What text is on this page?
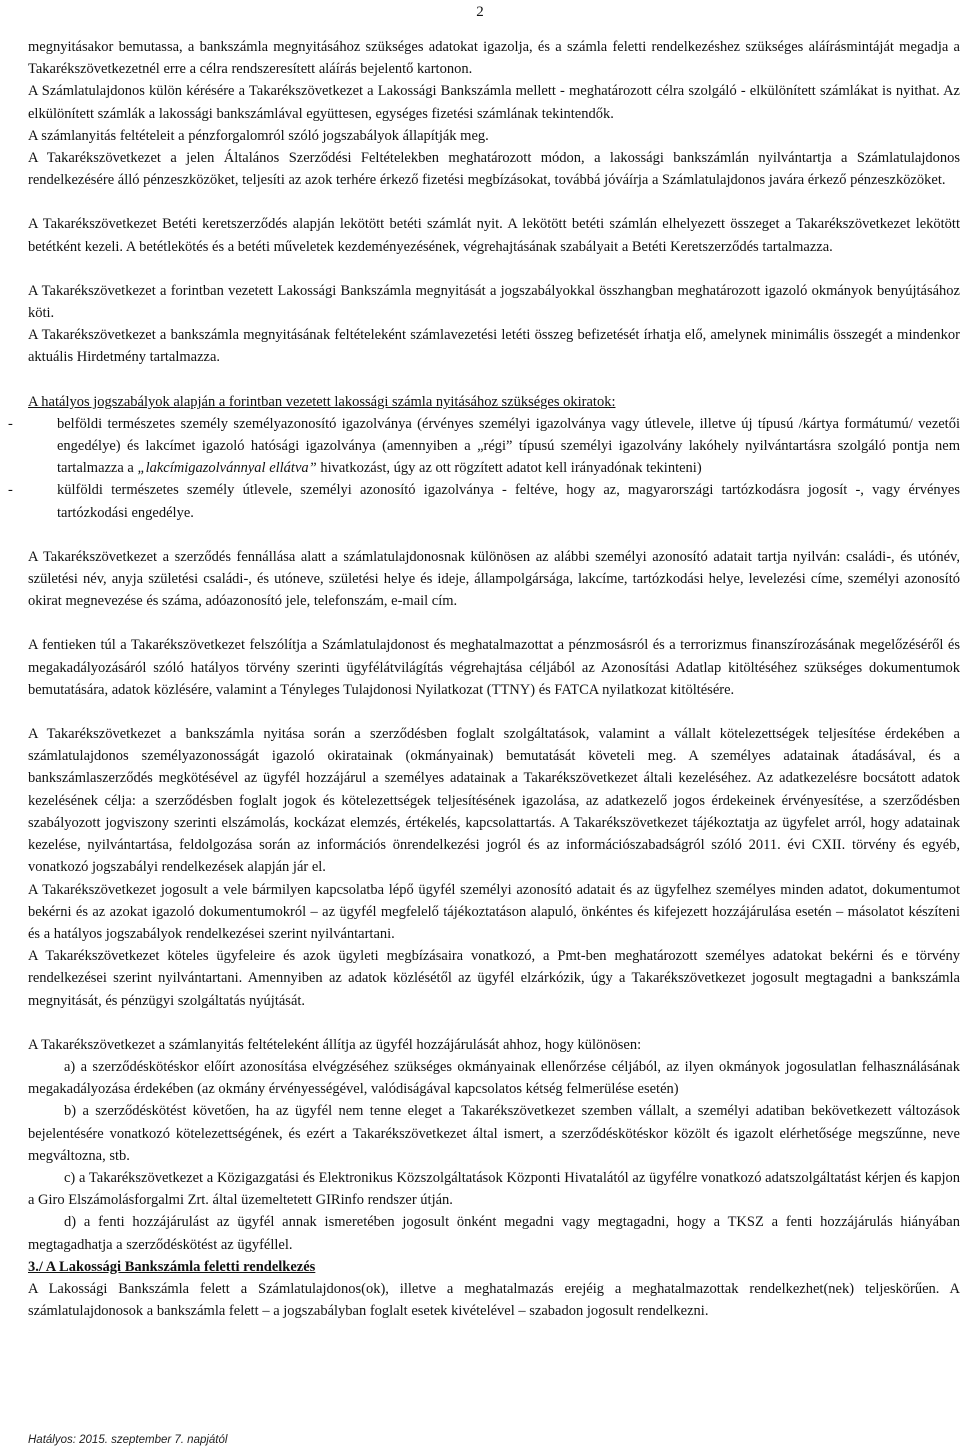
2

megnyitásakor bemutassa, a bankszámla megnyitásához szükséges adatokat igazolja, és a számla feletti rendelkezéshez szükséges aláírásmintáját megadja a Takarékszövetkezetnél erre a célra rendszeresített aláírás bejelentő kartonon.

A Számlatulajdonos külön kérésére a Takarékszövetkezet a Lakossági Bankszámla mellett - meghatározott célra szolgáló - elkülönített számlákat is nyithat. Az elkülönített számlák a lakossági bankszámlával együttesen, egységes fizetési számlának tekintendők.

A számlanyitás feltételeit a pénzforgalomról szóló jogszabályok állapítják meg.

A Takarékszövetkezet a jelen Általános Szerződési Feltételekben meghatározott módon, a lakossági bankszámlán nyilvántartja a Számlatulajdonos rendelkezésére álló pénzeszközöket, teljesíti az azok terhére érkező fizetési megbízásokat, továbbá jóváírja a Számlatulajdonos javára érkező pénzeszközöket.

A Takarékszövetkezet Betéti keretszerződés alapján lekötött betéti számlát nyit. A lekötött betéti számlán elhelyezett összeget a Takarékszövetkezet lekötött betétként kezeli. A betétlekötés és a betéti műveletek kezdeményezésének, végrehajtásának szabályait a Betéti Keretszerződés tartalmazza.

A Takarékszövetkezet a forintban vezetett Lakossági Bankszámla megnyitását a jogszabályokkal összhangban meghatározott igazoló okmányok benyújtásához köti.

A Takarékszövetkezet a bankszámla megnyitásának feltételeként számlavezetési letéti összeg befizetését írhatja elő, amelynek minimális összegét a mindenkor aktuális Hirdetmény tartalmazza.

A hatályos jogszabályok alapján a forintban vezetett lakossági számla nyitásához szükséges okiratok:

-	belföldi természetes személy személyazonosító igazolványa (érvényes személyi igazolványa vagy útlevele, illetve új típusú /kártya formátumú/ vezetői engedélye) és lakcímet igazoló hatósági igazolványa (amennyiben a „régi” típusú személyi igazolvány lakóhely nyilvántartásra szolgáló pontja nem tartalmazza a „lakcímigazolvánnyal ellátva” hivatkozást, úgy az ott rögzített adatot kell irányadónak tekinteni)

-	külföldi természetes személy útlevele, személyi azonosító igazolványa - feltéve, hogy az, magyarországi tartózkodásra jogosít -, vagy érvényes tartózkodási engedélye.

A Takarékszövetkezet a szerződés fennállása alatt a számlatulajdonosnak különösen az alábbi személyi azonosító adatait tartja nyilván: családi-, és utónév, születési név, anyja születési családi-, és utóneve, születési helye és ideje, állampolgársága, lakcíme, tartózkodási helye, levelezési címe, személyi azonosító okirat megnevezése és száma, adóazonosító jele, telefonszám, e-mail cím.

A fentieken túl a Takarékszövetkezet felszólítja a Számlatulajdonost és meghatalmazottat a pénzmosásról és a terrorizmus finanszírozásának megelőzéséről és megakadályozásáról szóló hatályos törvény szerinti ügyfélátvilágítás végrehajtása céljából az Azonosítási Adatlap kitöltéséhez szükséges dokumentumok bemutatására, adatok közlésére, valamint a Tényleges Tulajdonosi Nyilatkozat (TTNY) és FATCA nyilatkozat kitöltésére.

A Takarékszövetkezet a bankszámla nyitása során a szerződésben foglalt szolgáltatások, valamint a vállalt kötelezettségek teljesítése érdekében a számlatulajdonos személyazonosságát igazoló okiratainak (okmányainak) bemutatását követeli meg. A személyes adatainak átadásával, és a bankszámlaszerződés megkötésével az ügyfél hozzájárul a személyes adatainak a Takarékszövetkezet általi kezeléséhez. Az adatkezelésre bocsátott adatok kezelésének célja: a szerződésben foglalt jogok és kötelezettségek teljesítésének igazolása, az adatkezelő jogos érdekeinek érvényesítése, a szerződésben szabályozott jogviszony szerinti elszámolás, kockázat elemzés, értékelés, kapcsolattartás. A Takarékszövetkezet tájékoztatja az ügyfelet arról, hogy adatainak kezelése, nyilvántartása, feldolgozása során az információs önrendelkezési jogról és az információszabadságról szóló 2011. évi CXII. törvény és egyéb, vonatkozó jogszabályi rendelkezések alapján jár el.

A Takarékszövetkezet jogosult a vele bármilyen kapcsolatba lépő ügyfél személyi azonosító adatait és az ügyfelhez személyes minden adatot, dokumentumot bekérni és az azokat igazoló dokumentumokról – az ügyfél megfelelő tájékoztatáson alapuló, önkéntes és kifejezett hozzájárulása esetén – másolatot készíteni és a hatályos jogszabályok rendelkezései szerint nyilvántartani.

A Takarékszövetkezet köteles ügyfeleire és azok ügyleti megbízásaira vonatkozó, a Pmt-ben meghatározott személyes adatokat bekérni és e törvény rendelkezései szerint nyilvántartani. Amennyiben az adatok közlésétől az ügyfél elzárkózik, úgy a Takarékszövetkezet jogosult megtagadni a bankszámla megnyitását, és pénzügyi szolgáltatás nyújtását.

A Takarékszövetkezet a számlanyitás feltételeként állítja az ügyfél hozzájárulását ahhoz, hogy különösen:

a) a szerződéskötéskor előírt azonosítása elvégzéséhez szükséges okmányainak ellenőrzése céljából, az ilyen okmányok jogosulatlan felhasználásának megakadályozása érdekében (az okmány érvényességével, valódiságával kapcsolatos kétség felmerülése esetén)

b) a szerződéskötést követően, ha az ügyfél nem tenne eleget a Takarékszövetkezet szemben vállalt, a személyi adatiban bekövetkezett változások bejelentésére vonatkozó kötelezettségének, és ezért a Takarékszövetkezet által ismert, a szerződéskötéskor közölt és igazolt elérhetősége megszűnne, neve megváltozna, stb.

c) a Takarékszövetkezet a Közigazgatási és Elektronikus Közszolgáltatások Központi Hivatalától az ügyfélre vonatkozó adatszolgáltatást kérjen és kapjon a Giro Elszámolásforgalmi Zrt. által üzemeltetett GIRinfo rendszer útján.

d) a fenti hozzájárulást az ügyfél annak ismeretében jogosult önként megadni vagy megtagadni, hogy a TKSZ a fenti hozzájárulás hiányában megtagadhatja a szerződéskötést az ügyféllel.

3./ A Lakossági Bankszámla feletti rendelkezés

A Lakossági Bankszámla felett a Számlatulajdonos(ok), illetve a meghatalmazás erejéig a meghatalmazottak rendelkezhet(nek) teljeskörűen. A számlatulajdonosok a bankszámla felett – a jogszabályban foglalt esetek kivételével – szabadon jogosult rendelkezni.

Hatályos: 2015. szeptember 7. napjától
